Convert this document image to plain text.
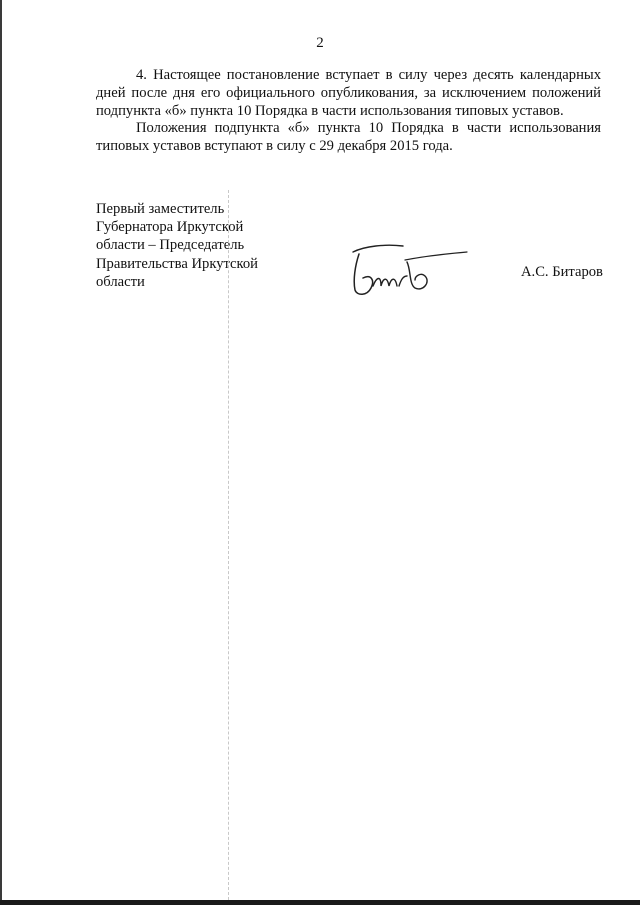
2

4. Настоящее постановление вступает в силу через десять календарных дней после дня его официального опубликования, за исключением положений подпункта «б» пункта 10 Порядка в части использования типовых уставов.

Положения подпункта «б» пункта 10 Порядка в части использования типовых уставов вступают в силу с 29 декабря 2015 года.

Первый заместитель
Губернатора Иркутской
области – Председатель
Правительства Иркутской
области
А.С. Битаров
